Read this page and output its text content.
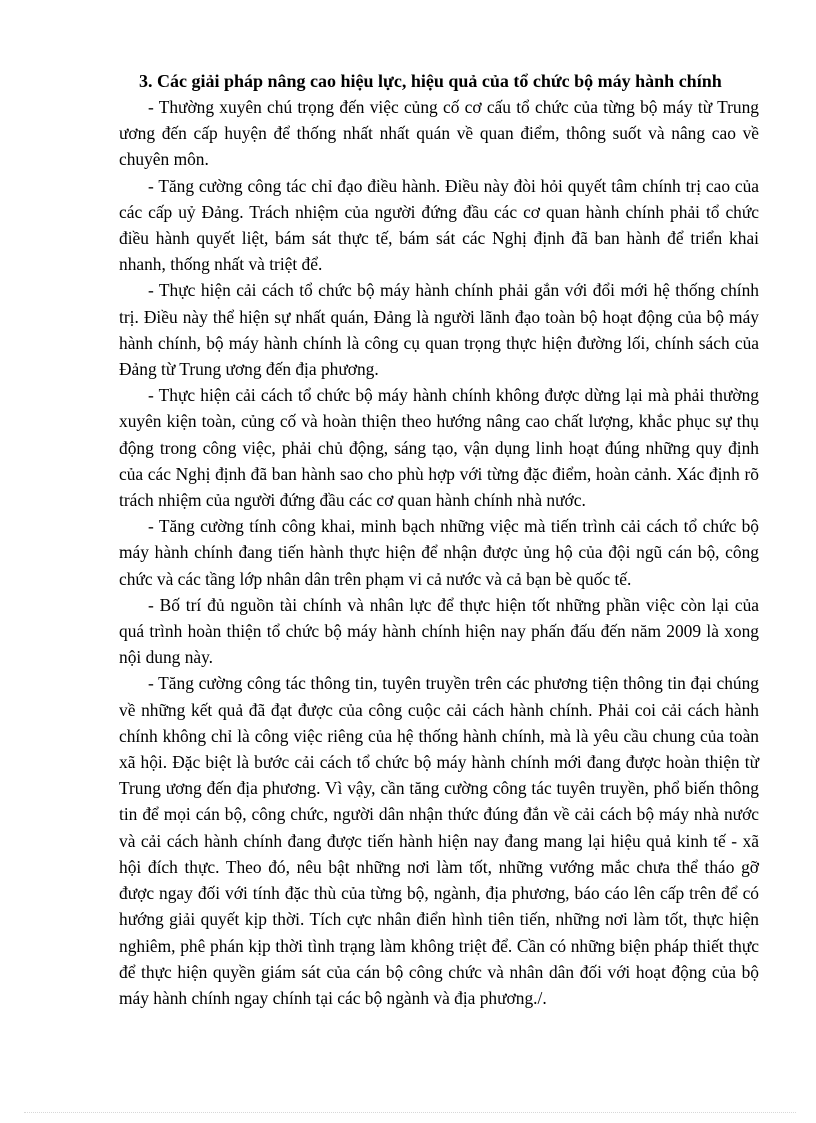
3. Các giải pháp nâng cao hiệu lực, hiệu quả của tổ chức bộ máy hành chính

- Thường xuyên chú trọng đến việc củng cố cơ cấu tổ chức của từng bộ máy từ Trung ương đến cấp huyện để thống nhất nhất quán về quan điểm, thông suốt và nâng cao về chuyên môn.

- Tăng cường công tác chỉ đạo điều hành. Điều này đòi hỏi quyết tâm chính trị cao của các cấp uỷ Đảng. Trách nhiệm của người đứng đầu các cơ quan hành chính phải tổ chức điều hành quyết liệt, bám sát thực tế, bám sát các Nghị định đã ban hành để triển khai nhanh, thống nhất và triệt để.

- Thực hiện cải cách tổ chức bộ máy hành chính phải gắn với đổi mới hệ thống chính trị. Điều này thể hiện sự nhất quán, Đảng là người lãnh đạo toàn bộ hoạt động của bộ máy hành chính, bộ máy hành chính là công cụ quan trọng thực hiện đường lối, chính sách của Đảng từ Trung ương đến địa phương.

- Thực hiện cải cách tổ chức bộ máy hành chính không được dừng lại mà phải thường xuyên kiện toàn, củng cố và hoàn thiện theo hướng nâng cao chất lượng, khắc phục sự thụ động trong công việc, phải chủ động, sáng tạo, vận dụng linh hoạt đúng những quy định của các Nghị định đã ban hành sao cho phù hợp với từng đặc điểm, hoàn cảnh. Xác định rõ trách nhiệm của người đứng đầu các cơ quan hành chính nhà nước.

- Tăng cường tính công khai, minh bạch những việc mà tiến trình cải cách tổ chức bộ máy hành chính đang tiến hành thực hiện để nhận được ủng hộ của đội ngũ cán bộ, công chức và các tầng lớp nhân dân trên phạm vi cả nước và cả bạn bè quốc tế.

- Bố trí đủ nguồn tài chính và nhân lực để thực hiện tốt những phần việc còn lại của quá trình hoàn thiện tổ chức bộ máy hành chính hiện nay phấn đấu đến năm 2009 là xong nội dung này.

- Tăng cường công tác thông tin, tuyên truyền trên các phương tiện thông tin đại chúng về những kết quả đã đạt được của công cuộc cải cách hành chính. Phải coi cải cách hành chính không chỉ là công việc riêng của hệ thống hành chính, mà là yêu cầu chung của toàn xã hội. Đặc biệt là bước cải cách tổ chức bộ máy hành chính mới đang được hoàn thiện từ Trung ương đến địa phương. Vì vậy, cần tăng cường công tác tuyên truyền, phổ biến thông tin để mọi cán bộ, công chức, người dân nhận thức đúng đắn về cải cách bộ máy nhà nước và cải cách hành chính đang được tiến hành hiện nay đang mang lại hiệu quả kinh tế - xã hội đích thực. Theo đó, nêu bật những nơi làm tốt, những vướng mắc chưa thể tháo gỡ được ngay đối với tính đặc thù của từng bộ, ngành, địa phương, báo cáo lên cấp trên để có hướng giải quyết kịp thời. Tích cực nhân điển hình tiên tiến, những nơi làm tốt, thực hiện nghiêm, phê phán kịp thời tình trạng làm không triệt để. Cần có những biện pháp thiết thực để thực hiện quyền giám sát của cán bộ công chức và nhân dân đối với hoạt động của bộ máy hành chính ngay chính tại các bộ ngành và địa phương./.
